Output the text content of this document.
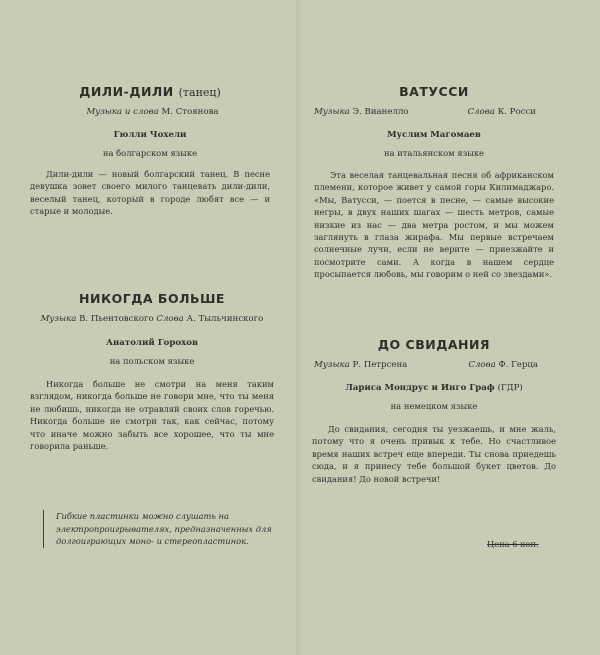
ДИЛИ-ДИЛИ (танец)
Музыка и слова М. Стоянова
Гюлли Чохели
на болгарском языке
Дили-дили — новый болгарский танец. В песне девушка зовет своего милого танцевать дили-дили, веселый танец, который в городе любят все — и старые и молодые.
НИКОГДА БОЛЬШЕ
Музыка В. Пьентовского Слова А. Тыльчинского
Анатолий Горохов
на польском языке
Никогда больше не смотри на меня таким взглядом, никогда больше не говори мне, что ты меня не любишь, никогда не отравляй своих слов горечью. Никогда больше не смотри так, как сейчас, потому что иначе можно забыть все хорошее, что ты мне говорила раньше.
ВАТУССИ
Музыка Э. Вианелло	Слова К. Росси
Муслим Магомаев
на итальянском языке
Эта веселая танцевальная песня об африканском племени, которое живет у самой горы Килимаджаро. «Мы, Ватусси, — поется в песне, — самые высокие негры, в двух наших шагах — шесть метров, самые низкие из нас — два метра ростом, и мы можем заглянуть в глаза жирафа. Мы первые встречаем солнечные лучи, если не верите — приезжайте и посмотрите сами. А когда в нашем сердце просыпается любовь, мы говорим о ней со звездами».
ДО СВИДАНИЯ
Музыка Р. Петрсена	Слова Ф. Герца
Лариса Мондрус и Инго Граф (ГДР)
на немецком языке
До свидания, сегодня ты уезжаешь, и мне жаль, потому что я очень привык к тебе. Но счастливое время наших встреч еще впереди. Ты снова приедешь сюда, и я принесу тебе большой букет цветов. До свидания! До новой встречи!
Гибкие пластинки можно слушать на электропроигрывателях, предназначенных для долгоиграющих моно- и стереопластинок.	Цена 6 коп.
